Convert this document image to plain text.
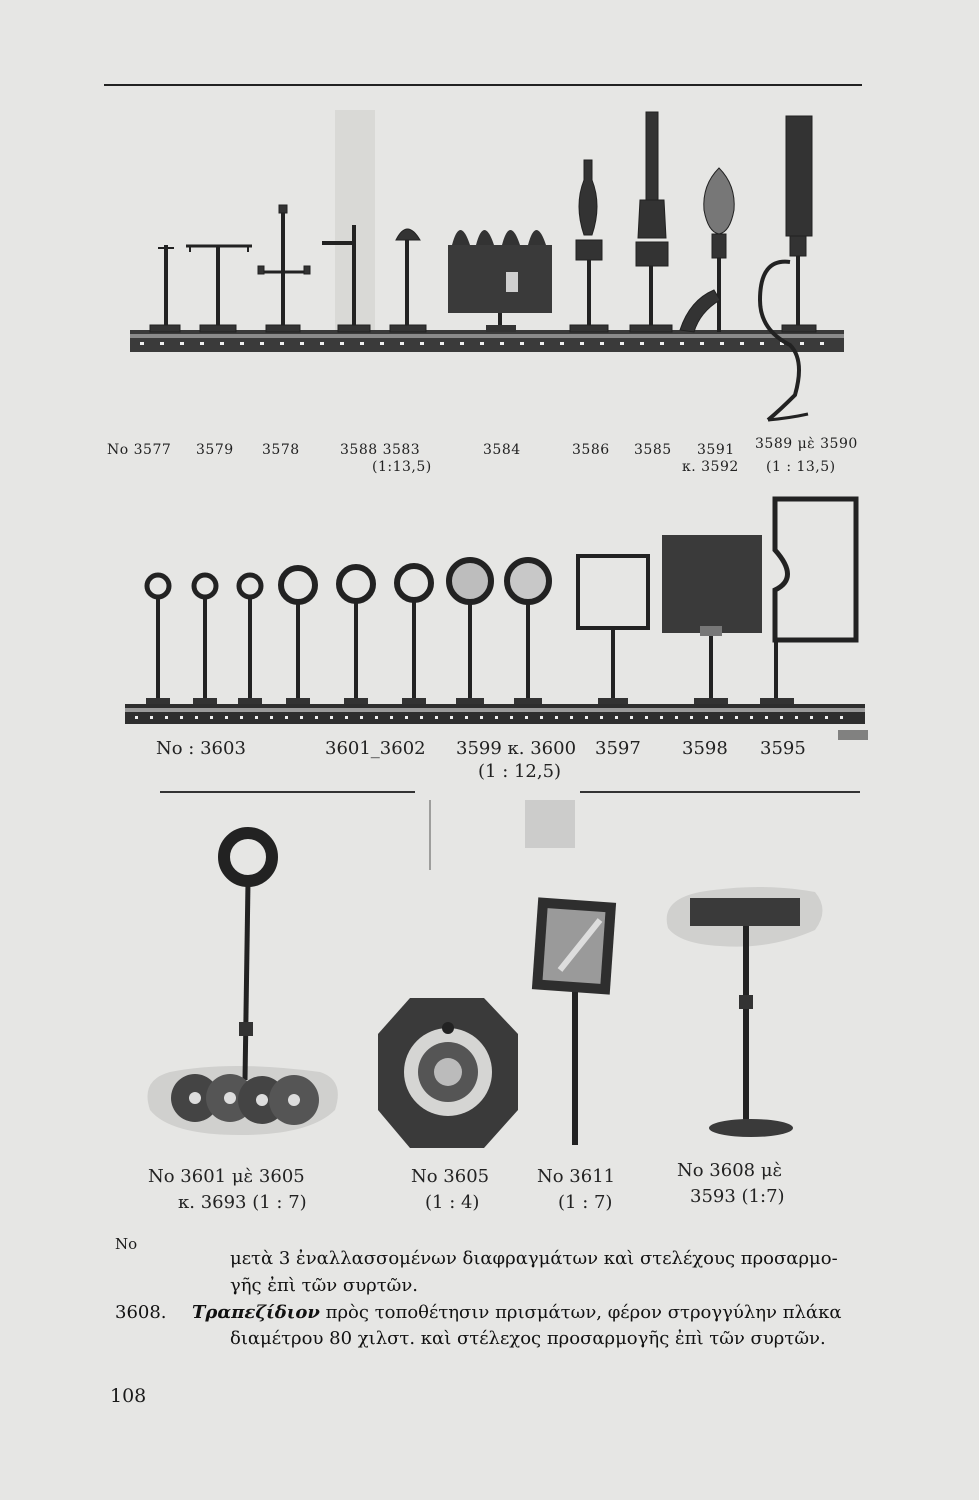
No 3577 3579 3578	3588 3583
(1:13,5)
3584	3586 3585 3591
κ. 3592
3589 μὲ 3590
(1 : 13,5)
No : 3603	3601_3602 3599 κ. 3600
(1 : 12,5)
3597 3598 3595
No 3601 μὲ 3605
κ. 3693 (1 : 7)
No 3605
(1 : 4)
No 3611
(1 : 7)
No 3608 μὲ
3593 (1:7)
No
μετὰ 3 ἐναλλασσομένων διαφραγμάτων καὶ στελέχους προσαρμο-
γῆς ἐπὶ τῶν συρτῶν.
3608. Τραπεζίδιον πρὸς τοποθέτησιν πρισμάτων, φέρον στρογγύλην πλάκα
διαμέτρου 80 χιλστ. καὶ στέλεχος προσαρμογῆς ἐπὶ τῶν συρτῶν.
108
